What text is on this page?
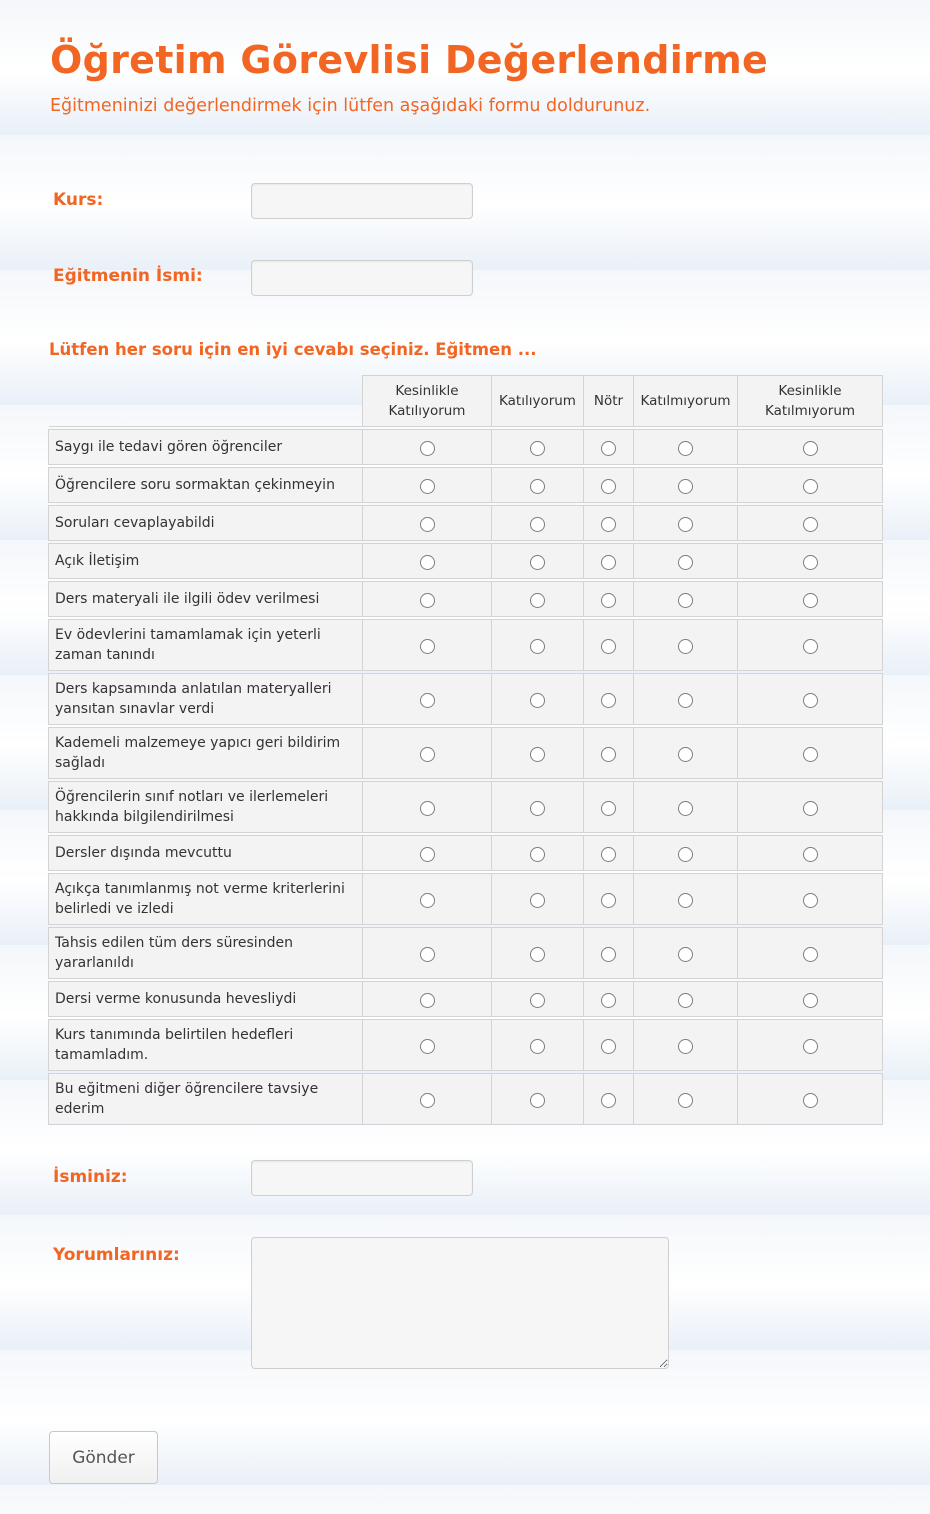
Öğretim Görevlisi Değerlendirme

Eğitmeninizi değerlendirmek için lütfen aşağıdaki formu doldurunuz.

Kurs:
Eğitmenin İsmi:
Lütfen her soru için en iyi cevabı seçiniz. Eğitmen ...
	Kesinlikle Katılıyorum	Katılıyorum	Nötr	Katılmıyorum	Kesinlikle Katılmıyorum

Saygı ile tedavi gören öğrenciler					

Öğrencilere soru sormaktan çekinmeyin					

Soruları cevaplayabildi					

Açık İletişim					

Ders materyali ile ilgili ödev verilmesi					

Ev ödevlerini tamamlamak için yeterli zaman tanındı					

Ders kapsamında anlatılan materyalleri yansıtan sınavlar verdi					

Kademeli malzemeye yapıcı geri bildirim sağladı					

Öğrencilerin sınıf notları ve ilerlemeleri hakkında bilgilendirilmesi					

Dersler dışında mevcuttu					

Açıkça tanımlanmış not verme kriterlerini belirledi ve izledi					

Tahsis edilen tüm ders süresinden yararlanıldı					

Dersi verme konusunda hevesliydi					

Kurs tanımında belirtilen hedefleri tamamladım.					

Bu eğitmeni diğer öğrencilere tavsiye ederim					
İsminiz:
Yorumlarınız:
Gönder
